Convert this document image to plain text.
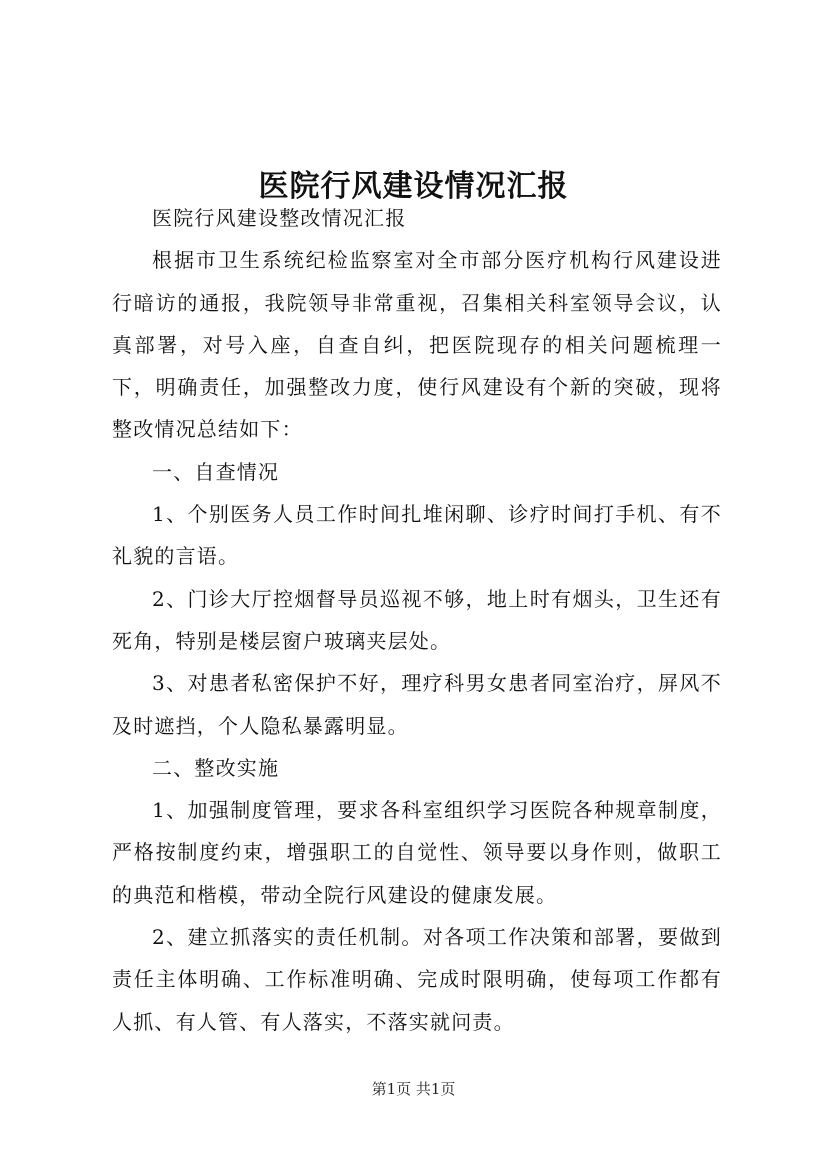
医院行风建设情况汇报

医院行风建设整改情况汇报

根据市卫生系统纪检监察室对全市部分医疗机构行风建设进行暗访的通报，我院领导非常重视，召集相关科室领导会议，认真部署，对号入座，自查自纠，把医院现存的相关问题梳理一下，明确责任，加强整改力度，使行风建设有个新的突破，现将整改情况总结如下：

一、自查情况

1、个别医务人员工作时间扎堆闲聊、诊疗时间打手机、有不礼貌的言语。

2、门诊大厅控烟督导员巡视不够，地上时有烟头，卫生还有死角，特别是楼层窗户玻璃夹层处。

3、对患者私密保护不好，理疗科男女患者同室治疗，屏风不及时遮挡，个人隐私暴露明显。

二、整改实施

1、加强制度管理，要求各科室组织学习医院各种规章制度，严格按制度约束，增强职工的自觉性、领导要以身作则，做职工的典范和楷模，带动全院行风建设的健康发展。

2、建立抓落实的责任机制。对各项工作决策和部署，要做到责任主体明确、工作标准明确、完成时限明确，使每项工作都有人抓、有人管、有人落实，不落实就问责。

第1页 共1页
